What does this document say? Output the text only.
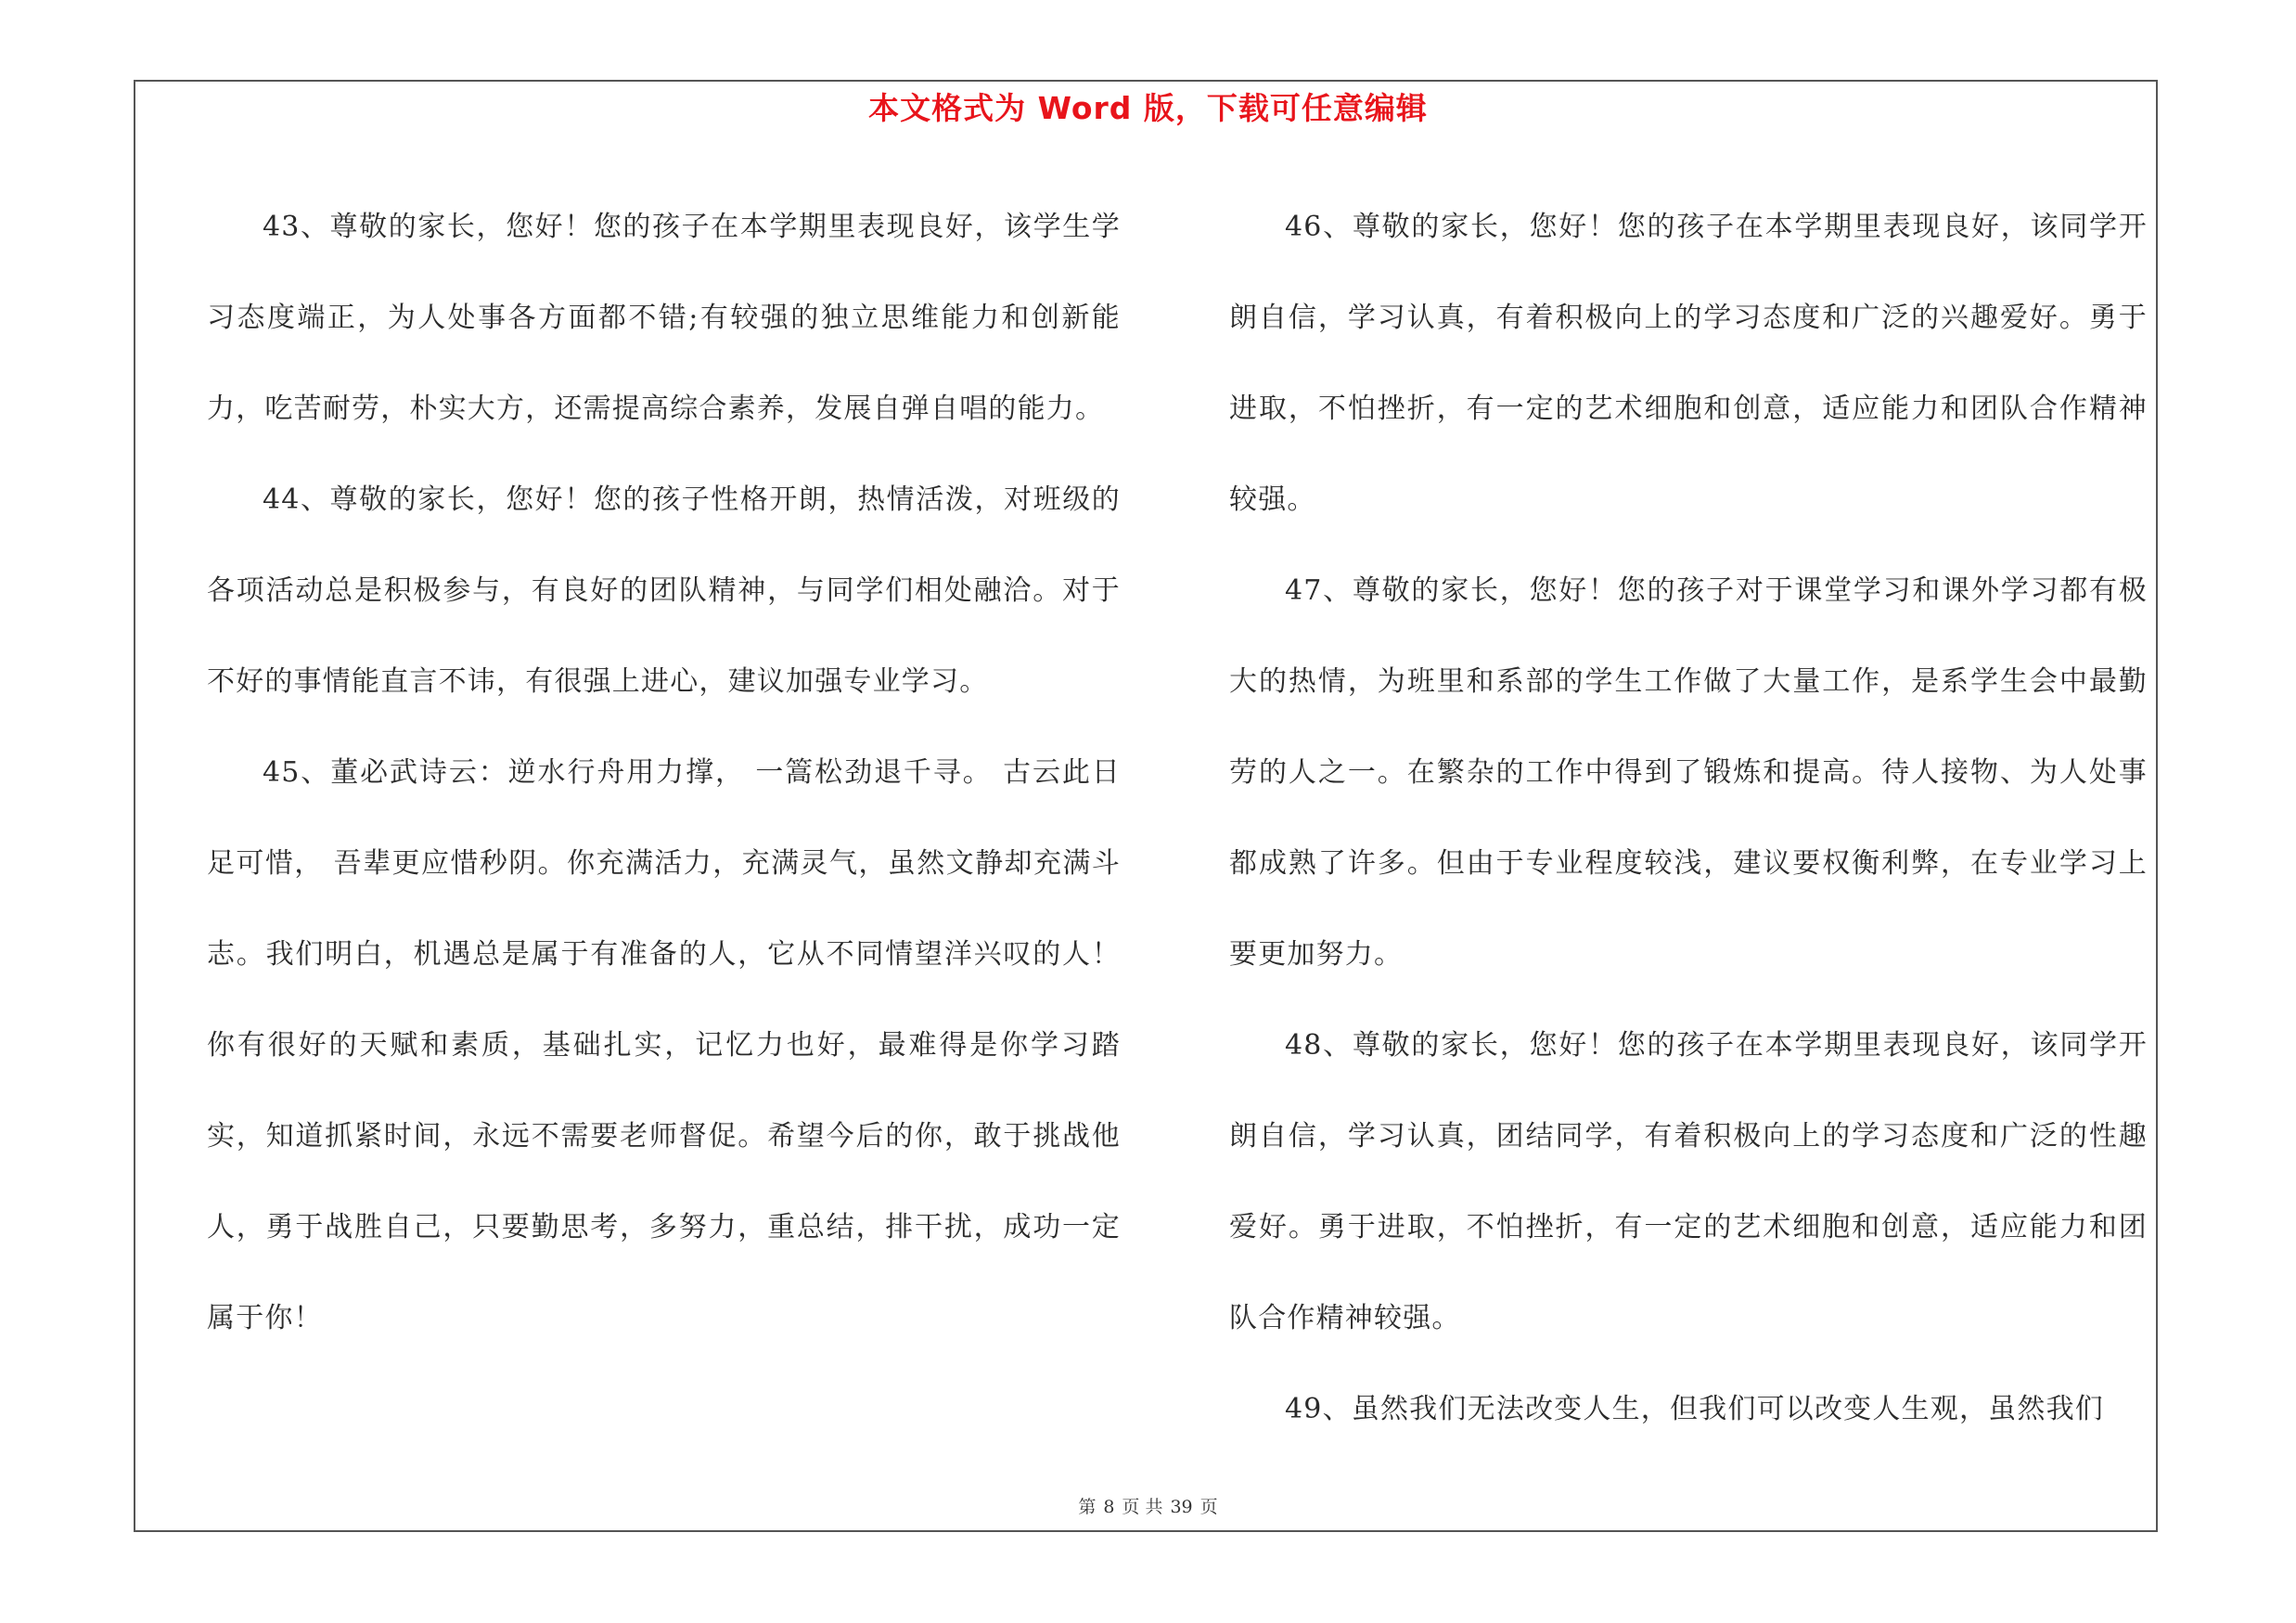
本文格式为 Word 版，下载可任意编辑

43、尊敬的家长，您好！您的孩子在本学期里表现良好，该学生学习态度端正，为人处事各方面都不错;有较强的独立思维能力和创新能力，吃苦耐劳，朴实大方，还需提高综合素养，发展自弹自唱的能力。

44、尊敬的家长，您好！您的孩子性格开朗，热情活泼，对班级的各项活动总是积极参与，有良好的团队精神，与同学们相处融洽。对于不好的事情能直言不讳，有很强上进心，建议加强专业学习。

45、董必武诗云：逆水行舟用力撑， 一篙松劲退千寻。 古云此日足可惜， 吾辈更应惜秒阴。你充满活力，充满灵气，虽然文静却充满斗志。我们明白，机遇总是属于有准备的人，它从不同情望洋兴叹的人！你有很好的天赋和素质，基础扎实，记忆力也好，最难得是你学习踏实，知道抓紧时间，永远不需要老师督促。希望今后的你，敢于挑战他人，勇于战胜自己，只要勤思考，多努力，重总结，排干扰，成功一定属于你！

46、尊敬的家长，您好！您的孩子在本学期里表现良好，该同学开朗自信，学习认真，有着积极向上的学习态度和广泛的兴趣爱好。勇于进取，不怕挫折，有一定的艺术细胞和创意，适应能力和团队合作精神较强。

47、尊敬的家长，您好！您的孩子对于课堂学习和课外学习都有极大的热情，为班里和系部的学生工作做了大量工作，是系学生会中最勤劳的人之一。在繁杂的工作中得到了锻炼和提高。待人接物、为人处事都成熟了许多。但由于专业程度较浅，建议要权衡利弊，在专业学习上要更加努力。

48、尊敬的家长，您好！您的孩子在本学期里表现良好，该同学开朗自信，学习认真，团结同学，有着积极向上的学习态度和广泛的性趣爱好。勇于进取，不怕挫折，有一定的艺术细胞和创意，适应能力和团队合作精神较强。

49、虽然我们无法改变人生，但我们可以改变人生观，虽然我们

第 8 页 共 39 页
